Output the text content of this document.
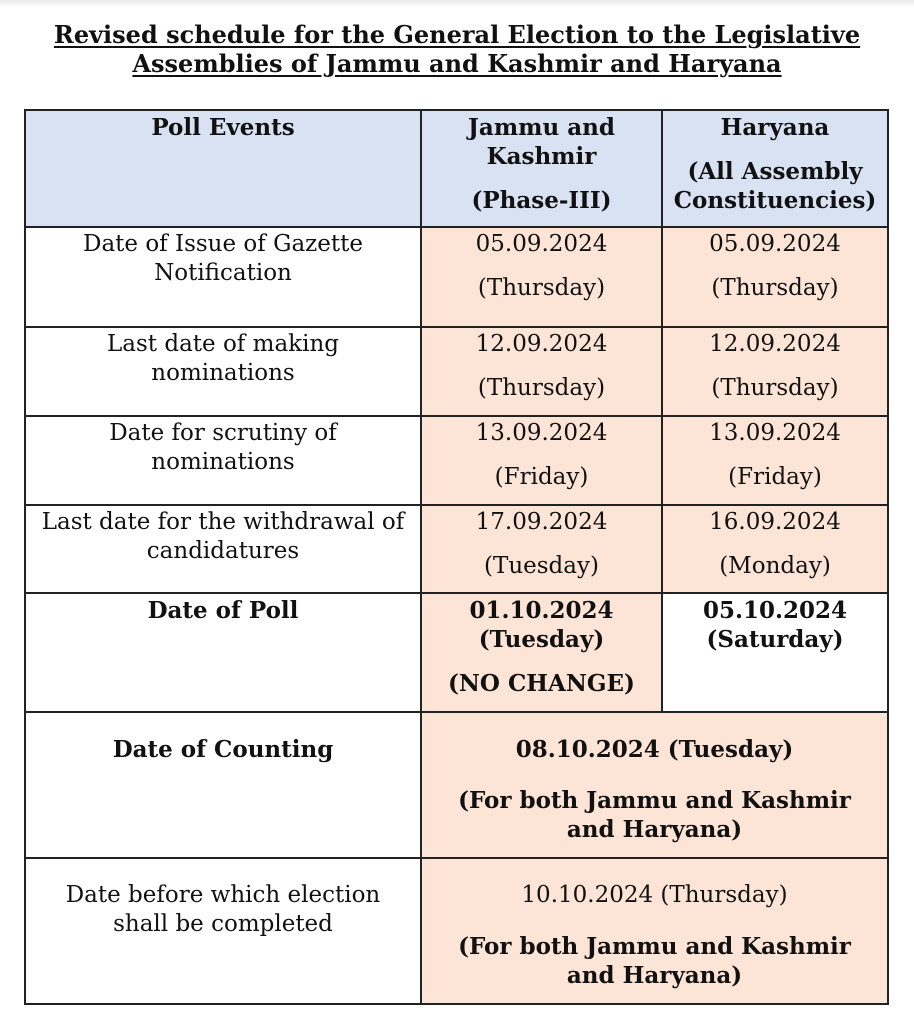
Revised schedule for the General Election to the Legislative
Assemblies of Jammu and Kashmir and Haryana
Poll Events	Jammu and
Kashmir
(Phase-III)	Haryana
(All Assembly
Constituencies)

Date of Issue of Gazette
Notification	05.09.2024
(Thursday)	05.09.2024
(Thursday)

Last date of making
nominations	12.09.2024
(Thursday)	12.09.2024
(Thursday)

Date for scrutiny of
nominations	13.09.2024
(Friday)	13.09.2024
(Friday)

Last date for the withdrawal of
candidatures	17.09.2024
(Tuesday)	16.09.2024
(Monday)

Date of Poll	01.10.2024
(Tuesday)
(NO CHANGE)	05.10.2024
(Saturday)

Date of Counting	08.10.2024 (Tuesday)
(For both Jammu and Kashmir
and Haryana)	

Date before which election
shall be completed	10.10.2024 (Thursday)
(For both Jammu and Kashmir
and Haryana)	
